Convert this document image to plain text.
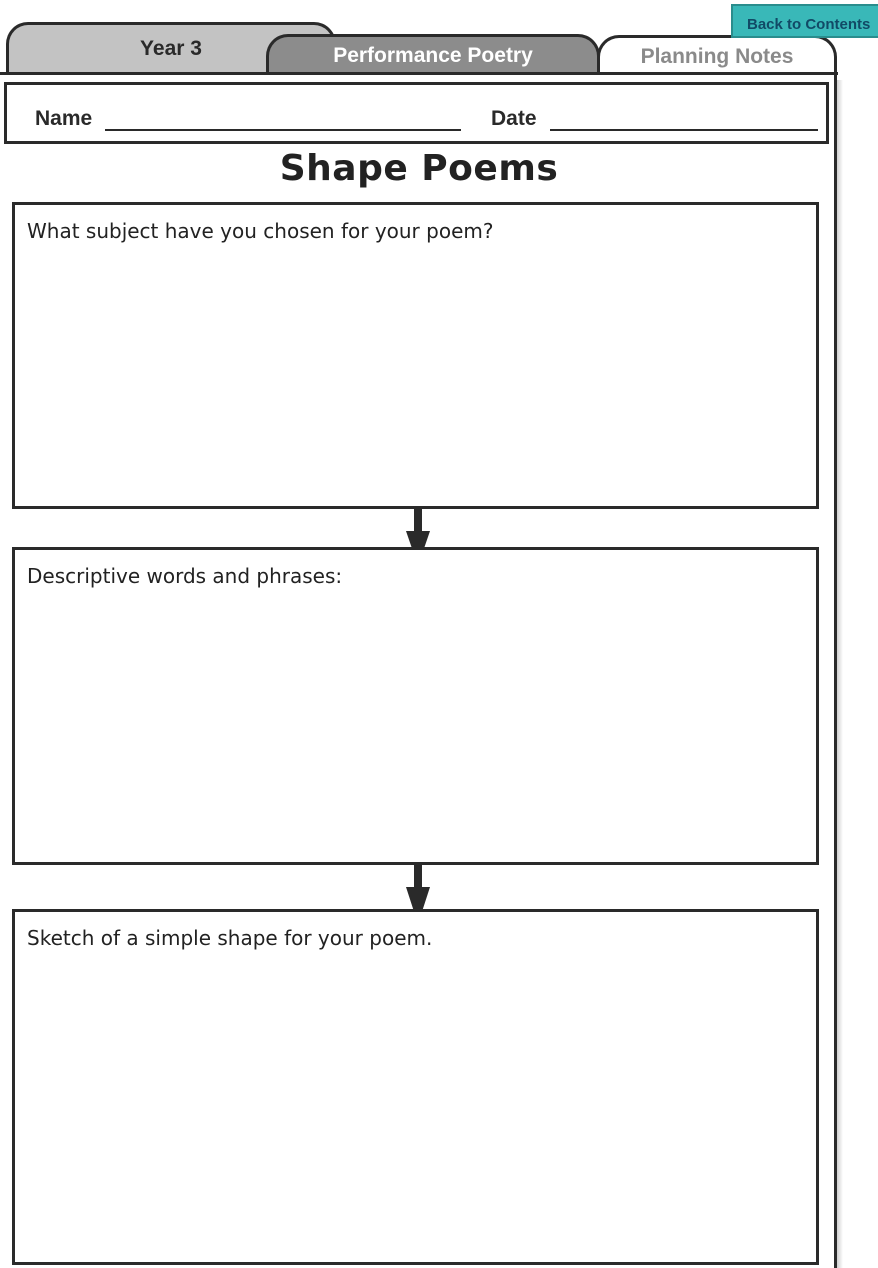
Year 3	Performance Poetry	Planning Notes
Back to Contents
Name	Date
Shape Poems
What subject have you chosen for your poem?
Descriptive words and phrases:
Sketch of a simple shape for your poem.
